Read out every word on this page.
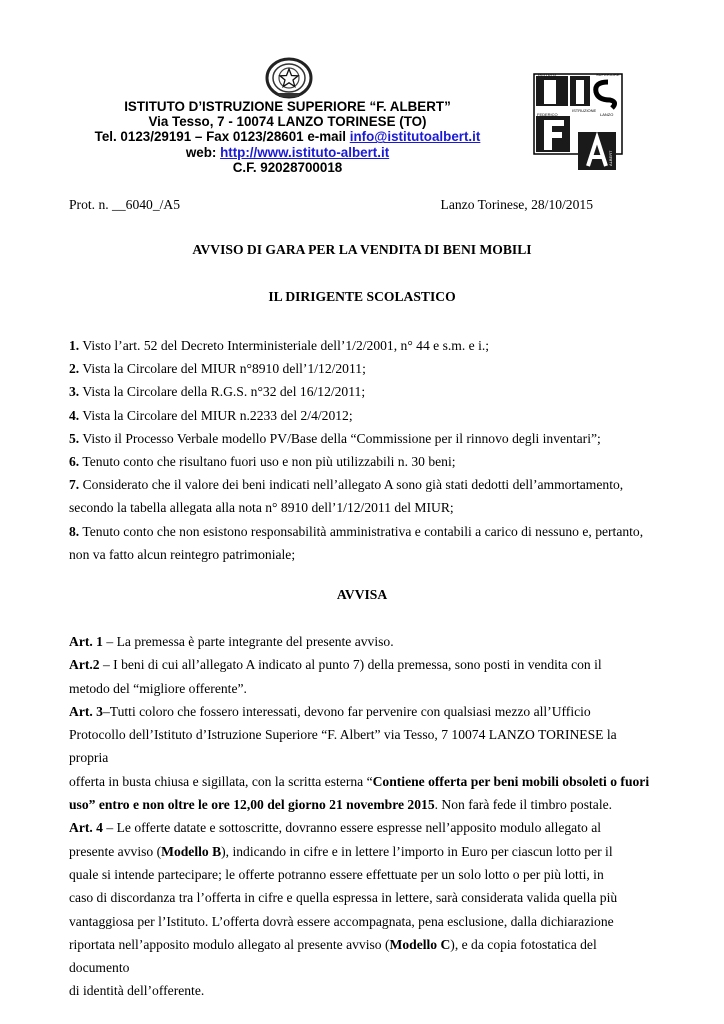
ISTITUTO	SUPERIORE
FEDERICO
ISTRUZIONE
LANZO
ALBERT
ISTITUTO D’ISTRUZIONE SUPERIORE “F. ALBERT”
Via Tesso, 7 - 10074 LANZO TORINESE (TO)
Tel. 0123/29191 – Fax 0123/28601 e-mail info@istitutoalbert.it
web: http://www.istituto-albert.it
C.F. 92028700018
Prot. n. __6040_/A5	Lanzo Torinese, 28/10/2015
AVVISO DI GARA PER LA VENDITA DI BENI MOBILI
IL DIRIGENTE SCOLASTICO

1. Visto l’art. 52 del Decreto Interministeriale dell’1/2/2001, n° 44 e s.m. e i.;

2. Vista la Circolare del MIUR n°8910 dell’1/12/2011;

3. Vista la Circolare della R.G.S. n°32 del 16/12/2011;

4. Vista la Circolare del MIUR n.2233 del 2/4/2012;

5. Visto il Processo Verbale modello PV/Base della “Commissione per il rinnovo degli inventari”;

6. Tenuto conto che risultano fuori uso e non più utilizzabili n. 30 beni;

7. Considerato che il valore dei beni indicati nell’allegato A sono già stati dedotti dell’ammortamento,

secondo la tabella allegata alla nota n° 8910 dell’1/12/2011 del MIUR;

8. Tenuto conto che non esistono responsabilità amministrativa e contabili a carico di nessuno e, pertanto,

non va fatto alcun reintegro patrimoniale;

AVVISA

Art. 1 – La premessa è parte integrante del presente avviso.

Art.2 – I beni di cui all’allegato A indicato al punto 7) della premessa, sono posti in vendita con il

metodo del “migliore offerente”.

Art. 3–Tutti coloro che fossero interessati, devono far pervenire con qualsiasi mezzo all’Ufficio

Protocollo dell’Istituto d’Istruzione Superiore “F. Albert” via Tesso, 7 10074 LANZO TORINESE la propria

offerta in busta chiusa e sigillata, con la scritta esterna “Contiene offerta per beni mobili obsoleti o fuori

uso” entro e non oltre le ore 12,00 del giorno 21 novembre 2015. Non farà fede il timbro postale.

Art. 4 – Le offerte datate e sottoscritte, dovranno essere espresse nell’apposito modulo allegato al

presente avviso (Modello B), indicando in cifre e in lettere l’importo in Euro per ciascun lotto per il

quale si intende partecipare; le offerte potranno essere effettuate per un solo lotto o per più lotti, in

caso di discordanza tra l’offerta in cifre e quella espressa in lettere, sarà considerata valida quella più

vantaggiosa per l’Istituto. L’offerta dovrà essere accompagnata, pena esclusione, dalla dichiarazione

riportata nell’apposito modulo allegato al presente avviso (Modello C), e da copia fotostatica del documento

di identità dell’offerente.
